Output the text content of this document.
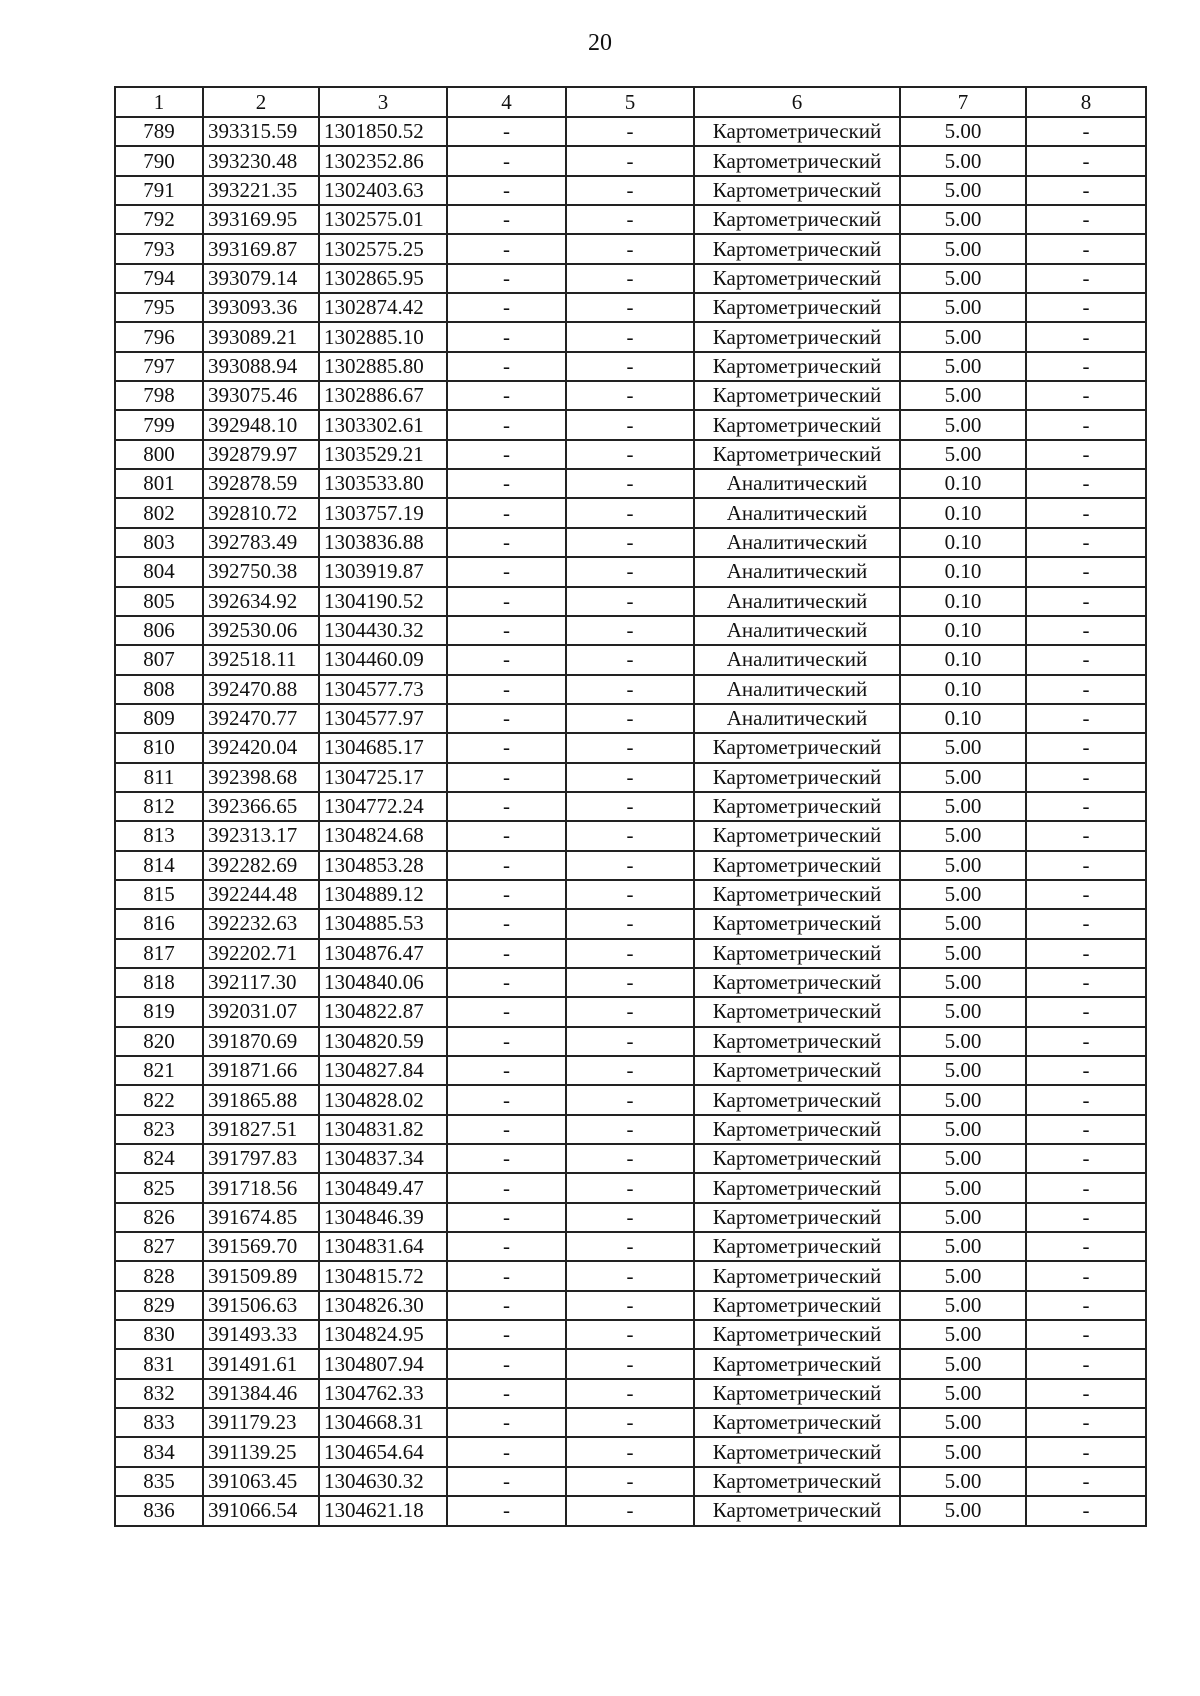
20
1	2	3	4	5	6	7	8
789	393315.59	1301850.52	-	-	Картометрический	5.00	-
790	393230.48	1302352.86	-	-	Картометрический	5.00	-
791	393221.35	1302403.63	-	-	Картометрический	5.00	-
792	393169.95	1302575.01	-	-	Картометрический	5.00	-
793	393169.87	1302575.25	-	-	Картометрический	5.00	-
794	393079.14	1302865.95	-	-	Картометрический	5.00	-
795	393093.36	1302874.42	-	-	Картометрический	5.00	-
796	393089.21	1302885.10	-	-	Картометрический	5.00	-
797	393088.94	1302885.80	-	-	Картометрический	5.00	-
798	393075.46	1302886.67	-	-	Картометрический	5.00	-
799	392948.10	1303302.61	-	-	Картометрический	5.00	-
800	392879.97	1303529.21	-	-	Картометрический	5.00	-
801	392878.59	1303533.80	-	-	Аналитический	0.10	-
802	392810.72	1303757.19	-	-	Аналитический	0.10	-
803	392783.49	1303836.88	-	-	Аналитический	0.10	-
804	392750.38	1303919.87	-	-	Аналитический	0.10	-
805	392634.92	1304190.52	-	-	Аналитический	0.10	-
806	392530.06	1304430.32	-	-	Аналитический	0.10	-
807	392518.11	1304460.09	-	-	Аналитический	0.10	-
808	392470.88	1304577.73	-	-	Аналитический	0.10	-
809	392470.77	1304577.97	-	-	Аналитический	0.10	-
810	392420.04	1304685.17	-	-	Картометрический	5.00	-
811	392398.68	1304725.17	-	-	Картометрический	5.00	-
812	392366.65	1304772.24	-	-	Картометрический	5.00	-
813	392313.17	1304824.68	-	-	Картометрический	5.00	-
814	392282.69	1304853.28	-	-	Картометрический	5.00	-
815	392244.48	1304889.12	-	-	Картометрический	5.00	-
816	392232.63	1304885.53	-	-	Картометрический	5.00	-
817	392202.71	1304876.47	-	-	Картометрический	5.00	-
818	392117.30	1304840.06	-	-	Картометрический	5.00	-
819	392031.07	1304822.87	-	-	Картометрический	5.00	-
820	391870.69	1304820.59	-	-	Картометрический	5.00	-
821	391871.66	1304827.84	-	-	Картометрический	5.00	-
822	391865.88	1304828.02	-	-	Картометрический	5.00	-
823	391827.51	1304831.82	-	-	Картометрический	5.00	-
824	391797.83	1304837.34	-	-	Картометрический	5.00	-
825	391718.56	1304849.47	-	-	Картометрический	5.00	-
826	391674.85	1304846.39	-	-	Картометрический	5.00	-
827	391569.70	1304831.64	-	-	Картометрический	5.00	-
828	391509.89	1304815.72	-	-	Картометрический	5.00	-
829	391506.63	1304826.30	-	-	Картометрический	5.00	-
830	391493.33	1304824.95	-	-	Картометрический	5.00	-
831	391491.61	1304807.94	-	-	Картометрический	5.00	-
832	391384.46	1304762.33	-	-	Картометрический	5.00	-
833	391179.23	1304668.31	-	-	Картометрический	5.00	-
834	391139.25	1304654.64	-	-	Картометрический	5.00	-
835	391063.45	1304630.32	-	-	Картометрический	5.00	-
836	391066.54	1304621.18	-	-	Картометрический	5.00	-
